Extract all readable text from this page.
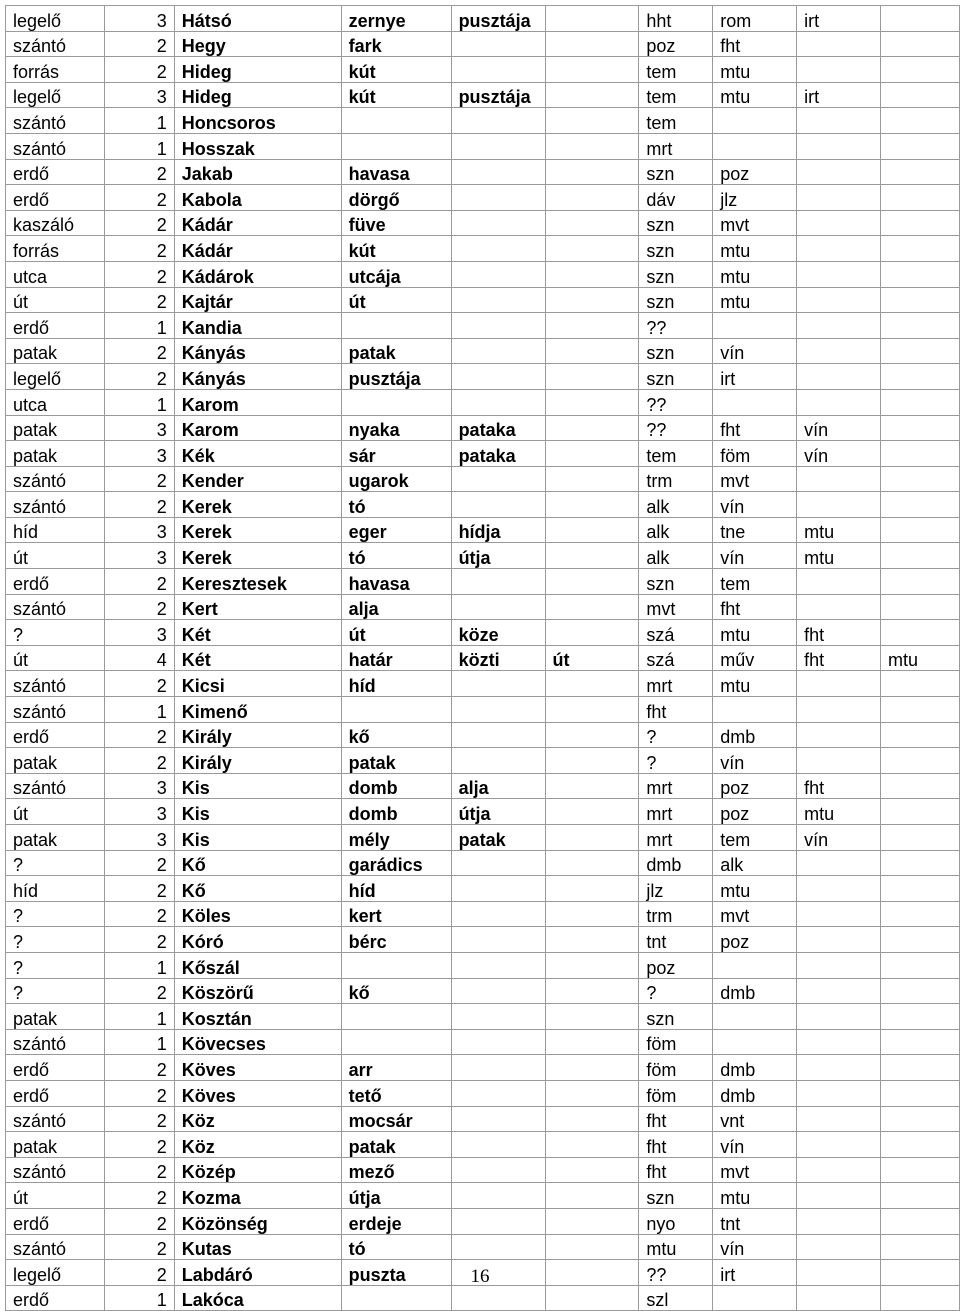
legelő	3	Hátsó	zernye	pusztája		hht	rom	irt	
szántó	2	Hegy	fark			poz	fht		
forrás	2	Hideg	kút			tem	mtu		
legelő	3	Hideg	kút	pusztája		tem	mtu	irt	
szántó	1	Honcsoros				tem			
szántó	1	Hosszak				mrt			
erdő	2	Jakab	havasa			szn	poz		
erdő	2	Kabola	dörgő			dáv	jlz		
kaszáló	2	Kádár	füve			szn	mvt		
forrás	2	Kádár	kút			szn	mtu		
utca	2	Kádárok	utcája			szn	mtu		
út	2	Kajtár	út			szn	mtu		
erdő	1	Kandia				??			
patak	2	Kányás	patak			szn	vín		
legelő	2	Kányás	pusztája			szn	irt		
utca	1	Karom				??			
patak	3	Karom	nyaka	pataka		??	fht	vín	
patak	3	Kék	sár	pataka		tem	föm	vín	
szántó	2	Kender	ugarok			trm	mvt		
szántó	2	Kerek	tó			alk	vín		
híd	3	Kerek	eger	hídja		alk	tne	mtu	
út	3	Kerek	tó	útja		alk	vín	mtu	
erdő	2	Keresztesek	havasa			szn	tem		
szántó	2	Kert	alja			mvt	fht		
?	3	Két	út	köze		szá	mtu	fht	
út	4	Két	határ	közti	út	szá	műv	fht	mtu
szántó	2	Kicsi	híd			mrt	mtu		
szántó	1	Kimenő				fht			
erdő	2	Király	kő			?	dmb		
patak	2	Király	patak			?	vín		
szántó	3	Kis	domb	alja		mrt	poz	fht	
út	3	Kis	domb	útja		mrt	poz	mtu	
patak	3	Kis	mély	patak		mrt	tem	vín	
?	2	Kő	garádics			dmb	alk		
híd	2	Kő	híd			jlz	mtu		
?	2	Köles	kert			trm	mvt		
?	2	Kóró	bérc			tnt	poz		
?	1	Kőszál				poz			
?	2	Köszörű	kő			?	dmb		
patak	1	Kosztán				szn			
szántó	1	Kövecses				föm			
erdő	2	Köves	arr			föm	dmb		
erdő	2	Köves	tető			föm	dmb		
szántó	2	Köz	mocsár			fht	vnt		
patak	2	Köz	patak			fht	vín		
szántó	2	Közép	mező			fht	mvt		
út	2	Kozma	útja			szn	mtu		
erdő	2	Közönség	erdeje			nyo	tnt		
szántó	2	Kutas	tó			mtu	vín		
legelő	2	Labdáró	puszta			??	irt		
erdő	1	Lakóca				szl			
16
